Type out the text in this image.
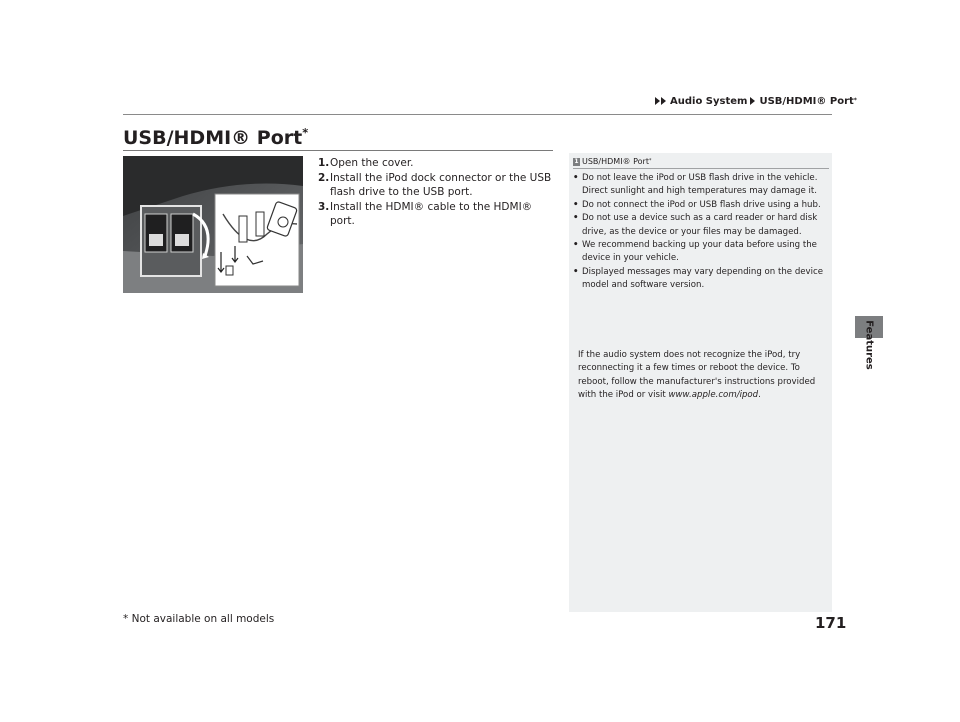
Audio System USB/HDMI® Port *
Features
USB/HDMI® Port*
1. Open the cover.
2. Install the iPod dock connector or the USB flash drive to the USB port.
3. Install the HDMI® cable to the HDMI® port.
1 USB/HDMI® Port *
• Do not leave the iPod or USB flash drive in the vehicle. Direct sunlight and high temperatures may damage it.
• Do not connect the iPod or USB flash drive using a hub.
• Do not use a device such as a card reader or hard disk drive, as the device or your files may be damaged.
• We recommend backing up your data before using the device in your vehicle.
• Displayed messages may vary depending on the device model and software version.
If the audio system does not recognize the iPod, try reconnecting it a few times or reboot the device. To reboot, follow the manufacturer's instructions provided with the iPod or visit www.apple.com/ipod.
* Not available on all models	171
